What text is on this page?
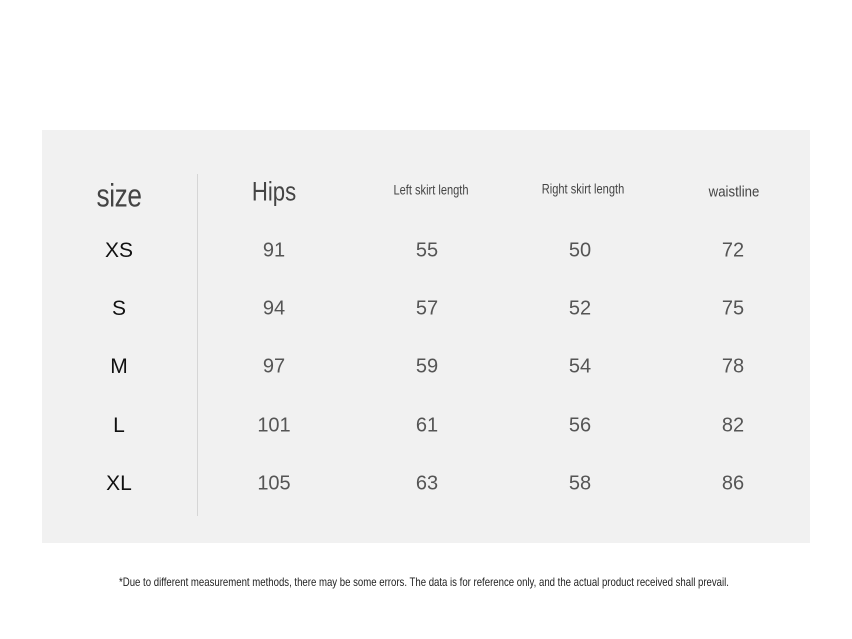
size	Hips	Left skirt length	Right skirt length	waistline
XS	91	55	50	72
S	94	57	52	75
M	97	59	54	78
L	101	61	56	82
XL	105	63	58	86
*Due to different measurement methods, there may be some errors. The data is for reference only, and the actual product received shall prevail.
